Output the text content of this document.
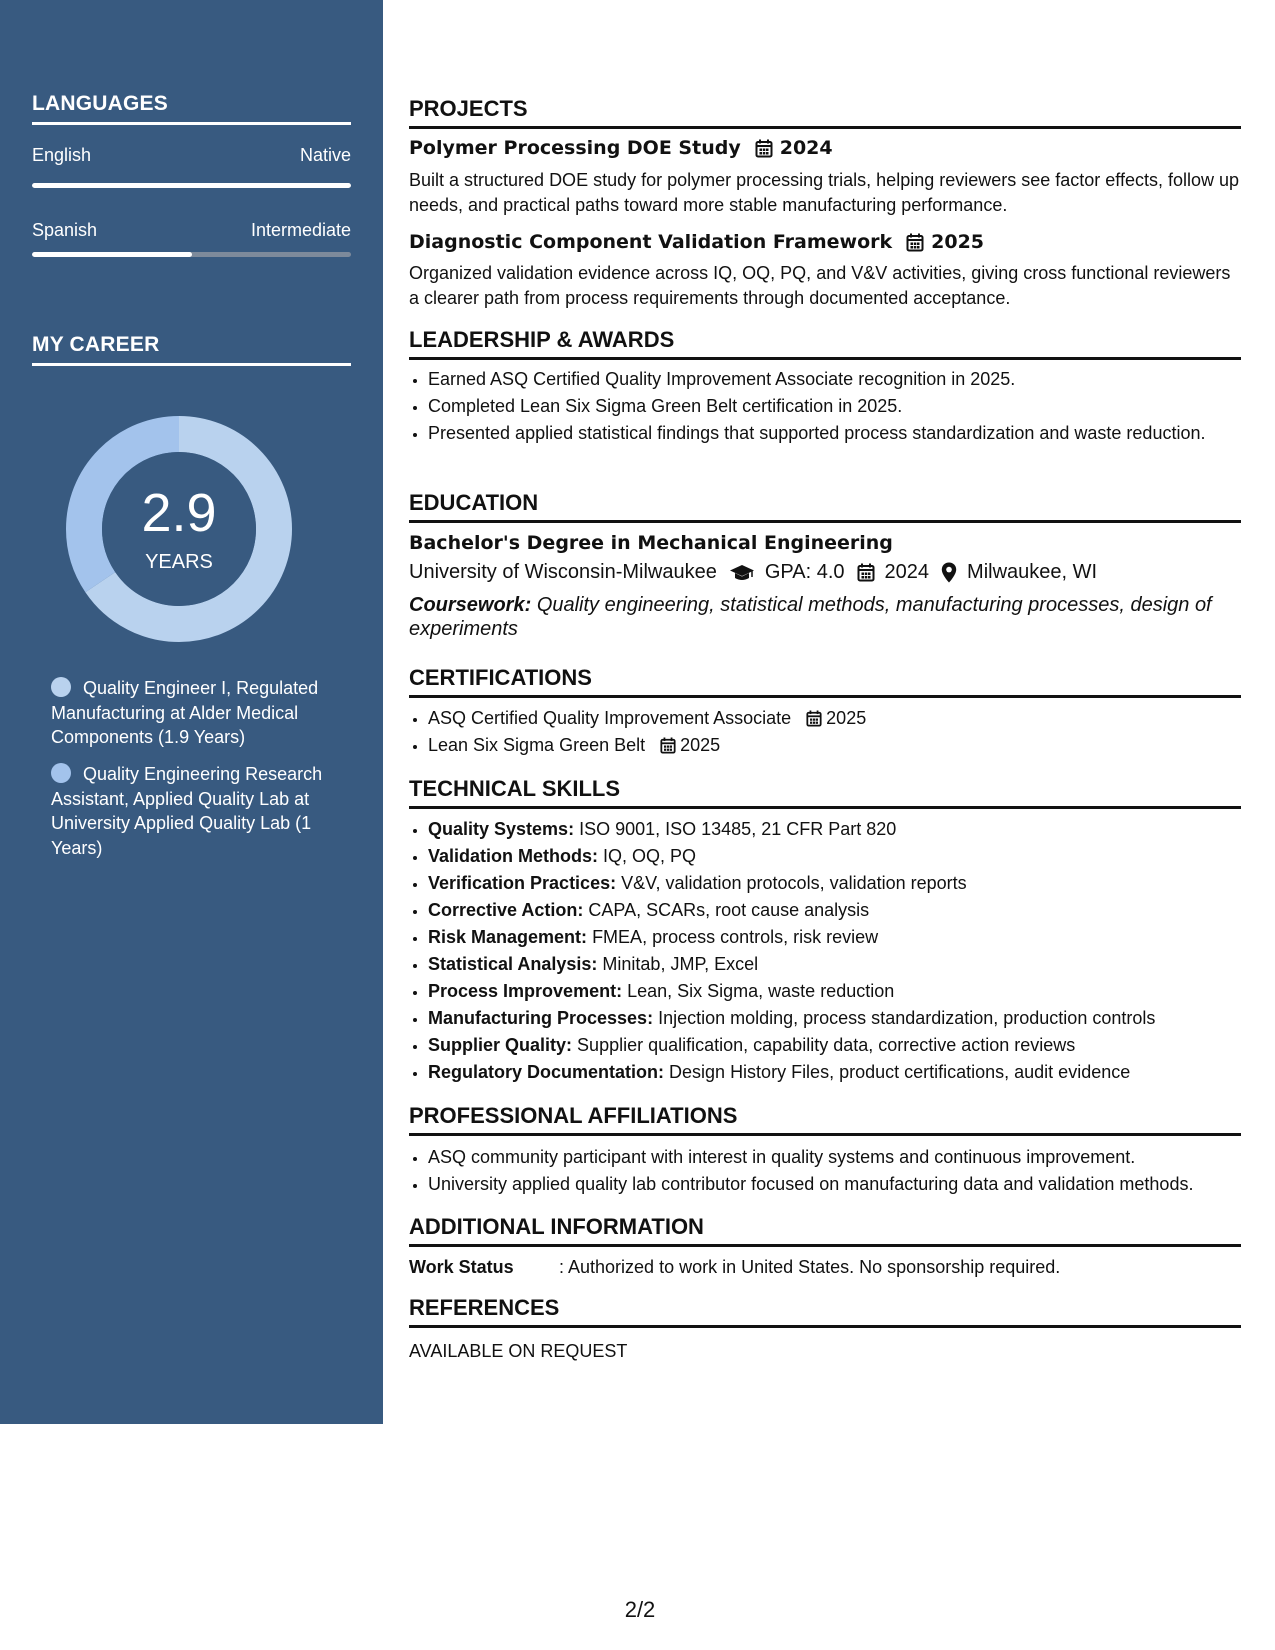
LANGUAGES
English	Native
Spanish	Intermediate
MY CAREER
2.9
YEARS
Quality Engineer I, Regulated Manufacturing at Alder Medical Components (1.9 Years)
Quality Engineering Research Assistant, Applied Quality Lab at University Applied Quality Lab (1 Years)
PROJECTS
Polymer Processing DOE Study 2024
Built a structured DOE study for polymer processing trials, helping reviewers see factor effects, follow up needs, and practical paths toward more stable manufacturing performance.
Diagnostic Component Validation Framework 2025
Organized validation evidence across IQ, OQ, PQ, and V&V activities, giving cross functional reviewers a clearer path from process requirements through documented acceptance.
LEADERSHIP & AWARDS
• Earned ASQ Certified Quality Improvement Associate recognition in 2025.
• Completed Lean Six Sigma Green Belt certification in 2025.
• Presented applied statistical findings that supported process standardization and waste reduction.
EDUCATION
Bachelor's Degree in Mechanical Engineering
University of Wisconsin-Milwaukee GPA: 4.0 2024 Milwaukee, WI
Coursework: Quality engineering, statistical methods, manufacturing processes, design of experiments
CERTIFICATIONS
• ASQ Certified Quality Improvement Associate 2025
• Lean Six Sigma Green Belt 2025
TECHNICAL SKILLS
• Quality Systems: ISO 9001, ISO 13485, 21 CFR Part 820
• Validation Methods: IQ, OQ, PQ
• Verification Practices: V&V, validation protocols, validation reports
• Corrective Action: CAPA, SCARs, root cause analysis
• Risk Management: FMEA, process controls, risk review
• Statistical Analysis: Minitab, JMP, Excel
• Process Improvement: Lean, Six Sigma, waste reduction
• Manufacturing Processes: Injection molding, process standardization, production controls
• Supplier Quality: Supplier qualification, capability data, corrective action reviews
• Regulatory Documentation: Design History Files, product certifications, audit evidence
PROFESSIONAL AFFILIATIONS
• ASQ community participant with interest in quality systems and continuous improvement.
• University applied quality lab contributor focused on manufacturing data and validation methods.
ADDITIONAL INFORMATION
Work Status	: Authorized to work in United States. No sponsorship required.
REFERENCES
AVAILABLE ON REQUEST
2/2
